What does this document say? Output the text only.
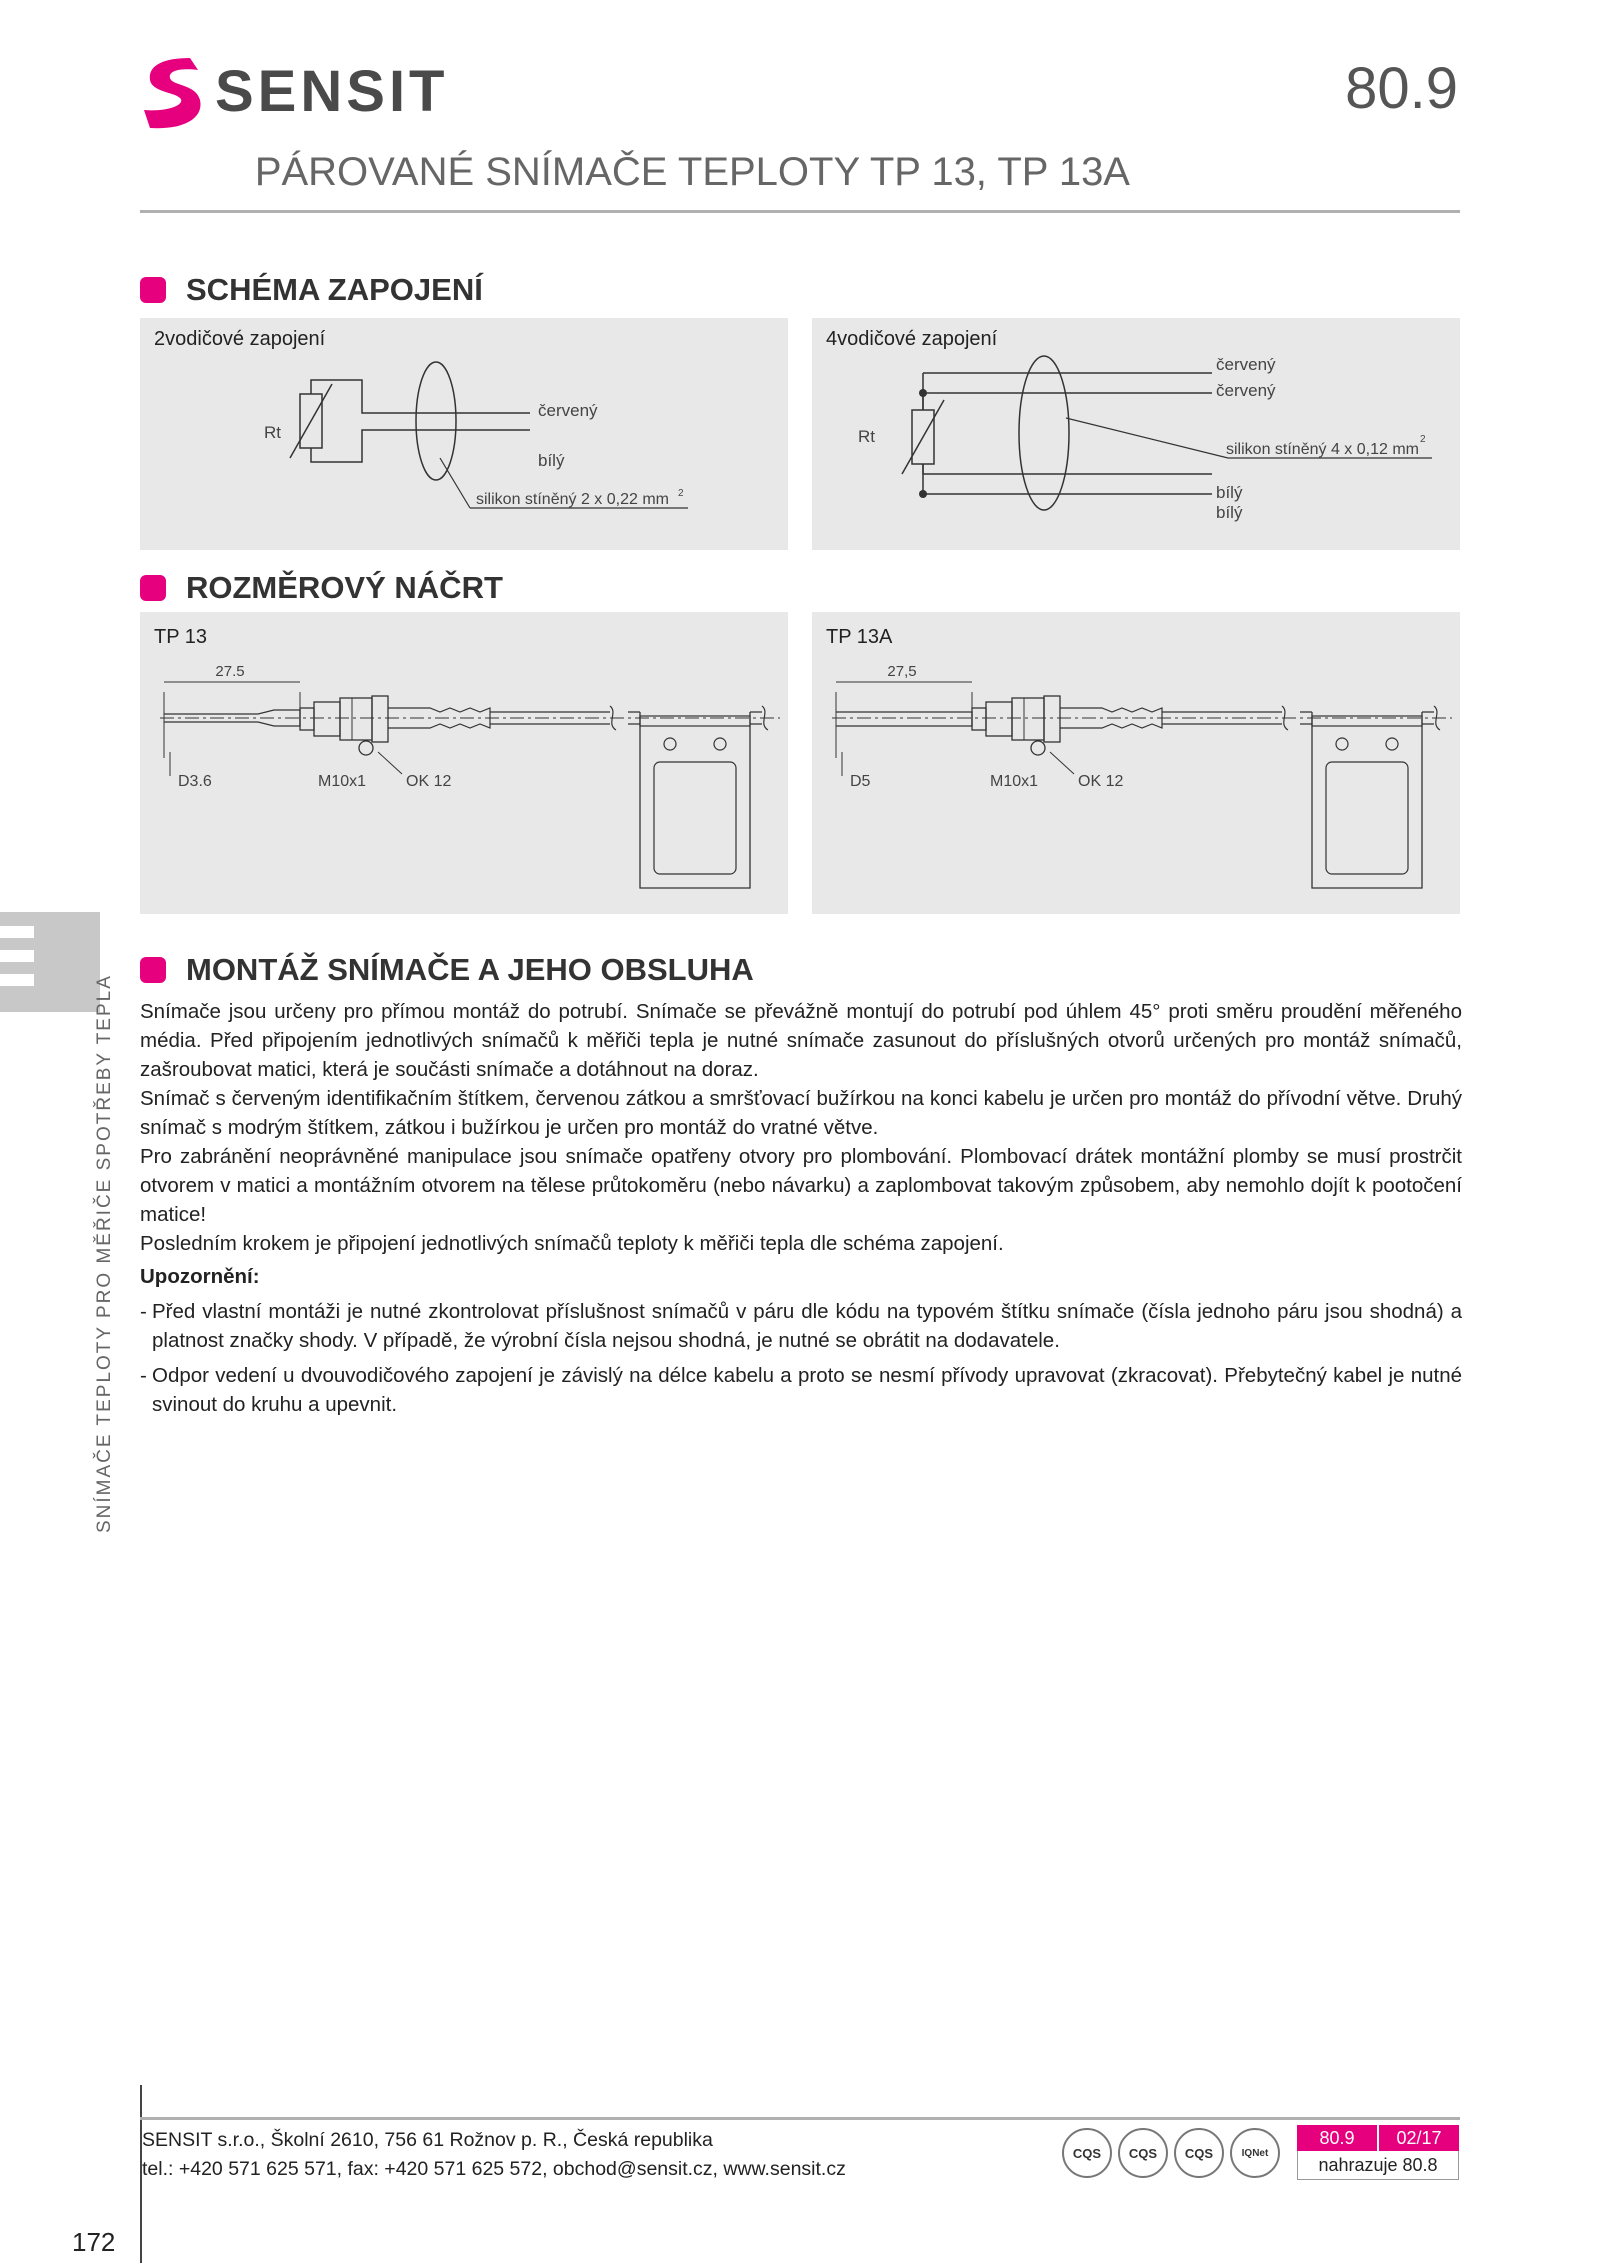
SENSIT	80.9
PÁROVANÉ SNÍMAČE TEPLOTY TP 13, TP 13A
SCHÉMA ZAPOJENÍ
2vodičové zapojení
Rt
červený
bílý
silikon stíněný 2 x 0,22 mm 2
4vodičové zapojení
červený
červený
Rt
silikon stíněný 4 x 0,12 mm
2
bílý
bílý
ROZMĚROVÝ NÁČRT
TP 13
27.5
D3.6	M10x1 OK 12
TP 13A
27,5
D5	M10x1 OK 12
MONTÁŽ SNÍMAČE A JEHO OBSLUHA

Snímače jsou určeny pro přímou montáž do potrubí. Snímače se převážně montují do potrubí pod úhlem 45° proti směru proudění měřeného média. Před připojením jednotlivých snímačů k měřiči tepla je nutné snímače zasunout do příslušných otvorů určených pro montáž snímačů, zašroubovat matici, která je součásti snímače a dotáhnout na doraz.

Snímač s červeným identifikačním štítkem, červenou zátkou a smršťovací bužírkou na konci kabelu je určen pro montáž do přívodní větve. Druhý snímač s modrým štítkem, zátkou i bužírkou je určen pro montáž do vratné větve.

Pro zabránění neoprávněné manipulace jsou snímače opatřeny otvory pro plombování. Plombovací drátek montážní plomby se musí prostrčit otvorem v matici a montážním otvorem na tělese průtokoměru (nebo návarku) a zaplombovat takovým způsobem, aby nemohlo dojít k pootočení matice!

Posledním krokem je připojení jednotlivých snímačů teploty k měřiči tepla dle schéma zapojení.

Upozornění:

- Před vlastní montáži je nutné zkontrolovat příslušnost snímačů v páru dle kódu na typovém štítku snímače (čísla jednoho páru jsou shodná) a platnost značky shody. V případě, že výrobní čísla nejsou shodná, je nutné se obrátit na dodavatele.
- Odpor vedení u dvouvodičového zapojení je závislý na délce kabelu a proto se nesmí přívody upravovat (zkracovat). Přebytečný kabel je nutné svinout do kruhu a upevnit.
SNÍMAČE TEPLOTY PRO MĚŘIČE SPOTŘEBY TEPLA
SENSIT s.r.o., Školní 2610, 756 61 Rožnov p. R., Česká republika
tel.: +420 571 625 571, fax: +420 571 625 572, obchod@sensit.cz, www.sensit.cz
172
CQS	CQS	CQS	IQNet
80.9	02/17
nahrazuje 80.8
